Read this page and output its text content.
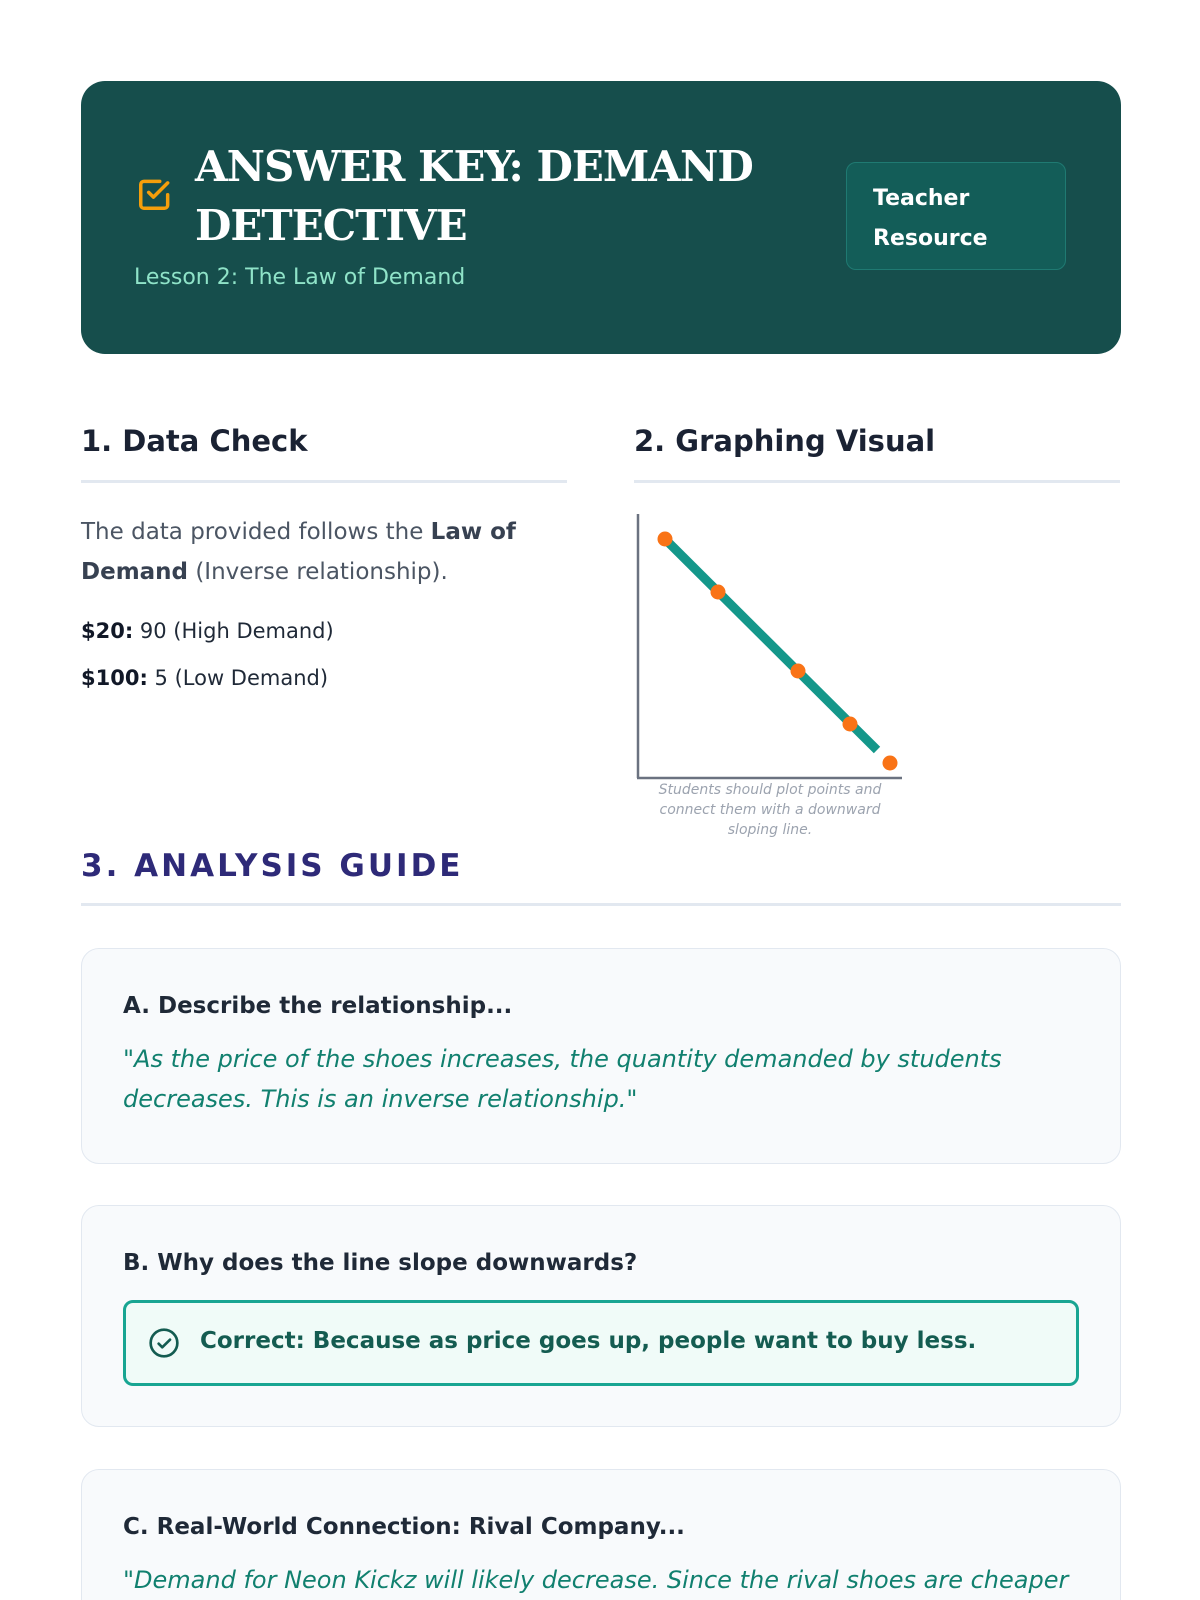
ANSWER KEY: DEMAND DETECTIVE
Lesson 2: The Law of Demand
Teacher Resource
1. Data Check

The data provided follows the Law of Demand (Inverse relationship).

$20: 90 (High Demand)
$100: 5 (Low Demand)
2. Graphing Visual

Students should plot points and connect them with a downward sloping line.

3. ANALYSIS GUIDE
A. Describe the relationship...

"As the price of the shoes increases, the quantity demanded by students decreases. This is an inverse relationship."

B. Why does the line slope downwards?
Correct: Because as price goes up, people want to buy less.
C. Real-World Connection: Rival Company...

"Demand for Neon Kickz will likely decrease. Since the rival shoes are cheaper
